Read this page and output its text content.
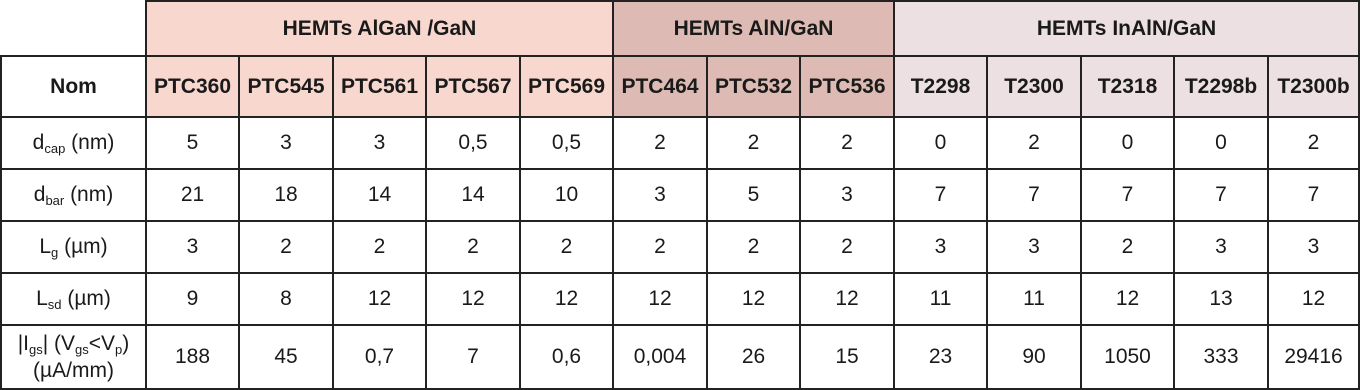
	HEMTs AlGaN /GaN					HEMTs AlN/GaN			HEMTs InAlN/GaN				
Nom	PTC360	PTC545	PTC561	PTC567	PTC569	PTC464	PTC532	PTC536	T2298	T2300	T2318	T2298b	T2300b
$d_{cap}$ (nm)	5	3	3	0,5	0,5	2	2	2	0	2	0	0	2
$d_{bar}$ (nm)	21	18	14	14	10	3	5	3	7	7	7	7	7
$L_g$ (µm)	3	2	2	2	2	2	2	2	3	3	2	3	3
$L_{sd}$ (µm)	9	8	12	12	12	12	12	12	11	11	12	13	12
$|I_{gs}|$ $(V_{gs}<V_p)$
(µA/mm)	188	45	0,7	7	0,6	0,004	26	15	23	90	1050	333	29416
